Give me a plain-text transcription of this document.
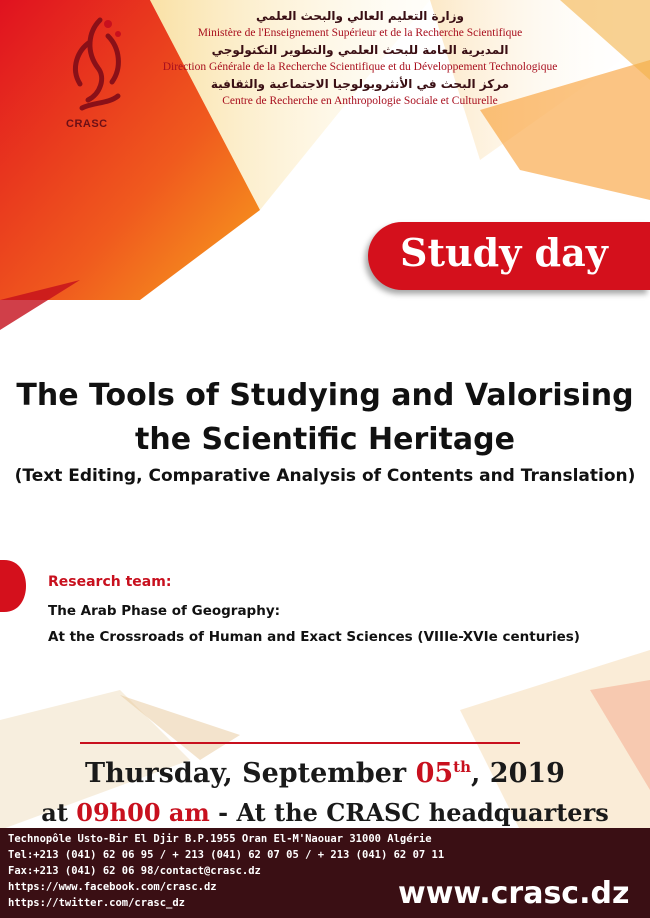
CRASC
وزارة التعليم العالي والبحث العلمي
Ministère de l'Enseignement Supérieur et de la Recherche Scientifique
المديرية العامة للبحث العلمي والتطوير التكنولوجي
Direction Générale de la Recherche Scientifique et du Développement Technologique
مركز البحث في الأنثروبولوجيا الاجتماعية والثقافية
Centre de Recherche en Anthropologie Sociale et Culturelle
Study day
The Tools of Studying and Valorising
the Scientific Heritage
(Text Editing, Comparative Analysis of Contents and Translation)
Research team:
The Arab Phase of Geography:
At the Crossroads of Human and Exact Sciences (VIIIe-XVIe centuries)
Thursday, September 05th, 2019
at 09h00 am - At the CRASC headquarters
Technopôle Usto-Bir El Djir B.P.1955 Oran El-M'Naouar 31000 Algérie
Tel:+213 (041) 62 06 95 / + 213 (041) 62 07 05 / + 213 (041) 62 07 11
Fax:+213 (041) 62 06 98/contact@crasc.dz
https://www.facebook.com/crasc.dz
https://twitter.com/crasc_dz	www.crasc.dz
